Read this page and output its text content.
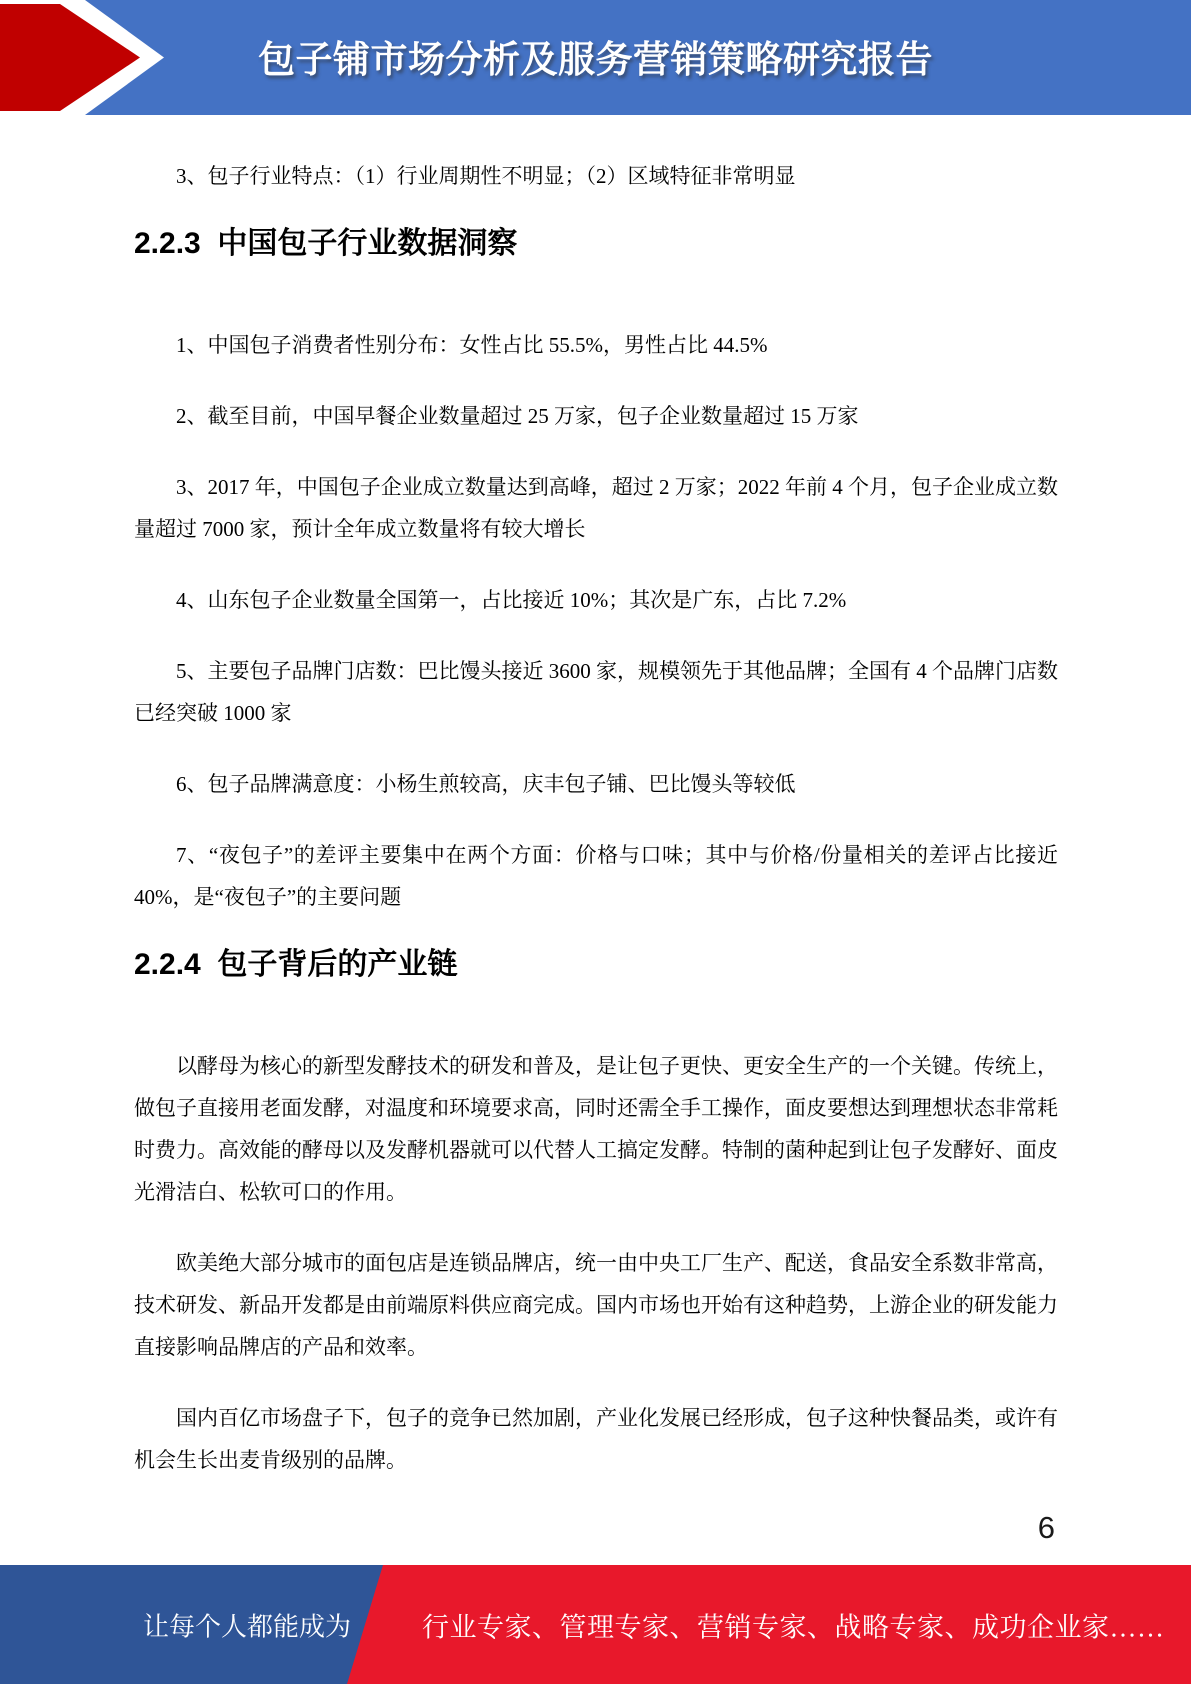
包子铺市场分析及服务营销策略研究报告

3、包子行业特点：（1）行业周期性不明显；（2）区域特征非常明显

2.2.3  中国包子行业数据洞察

1、中国包子消费者性别分布：女性占比 55.5%，男性占比 44.5%

2、截至目前，中国早餐企业数量超过 25 万家，包子企业数量超过 15 万家

3、2017 年，中国包子企业成立数量达到高峰，超过 2 万家；2022 年前 4 个月，包子企业成立数量超过 7000 家，预计全年成立数量将有较大增长

4、山东包子企业数量全国第一，占比接近 10%；其次是广东，占比 7.2%

5、主要包子品牌门店数：巴比馒头接近 3600 家，规模领先于其他品牌；全国有 4 个品牌门店数已经突破 1000 家

6、包子品牌满意度：小杨生煎较高，庆丰包子铺、巴比馒头等较低

7、“夜包子”的差评主要集中在两个方面：价格与口味；其中与价格/份量相关的差评占比接近 40%，是“夜包子”的主要问题

2.2.4  包子背后的产业链

以酵母为核心的新型发酵技术的研发和普及，是让包子更快、更安全生产的一个关键。传统上，做包子直接用老面发酵，对温度和环境要求高，同时还需全手工操作，面皮要想达到理想状态非常耗时费力。高效能的酵母以及发酵机器就可以代替人工搞定发酵。特制的菌种起到让包子发酵好、面皮光滑洁白、松软可口的作用。

欧美绝大部分城市的面包店是连锁品牌店，统一由中央工厂生产、配送，食品安全系数非常高，技术研发、新品开发都是由前端原料供应商完成。国内市场也开始有这种趋势，上游企业的研发能力直接影响品牌店的产品和效率。

国内百亿市场盘子下，包子的竞争已然加剧，产业化发展已经形成，包子这种快餐品类，或许有机会生长出麦肯级别的品牌。

6
让每个人都能成为	行业专家、管理专家、营销专家、战略专家、成功企业家……
